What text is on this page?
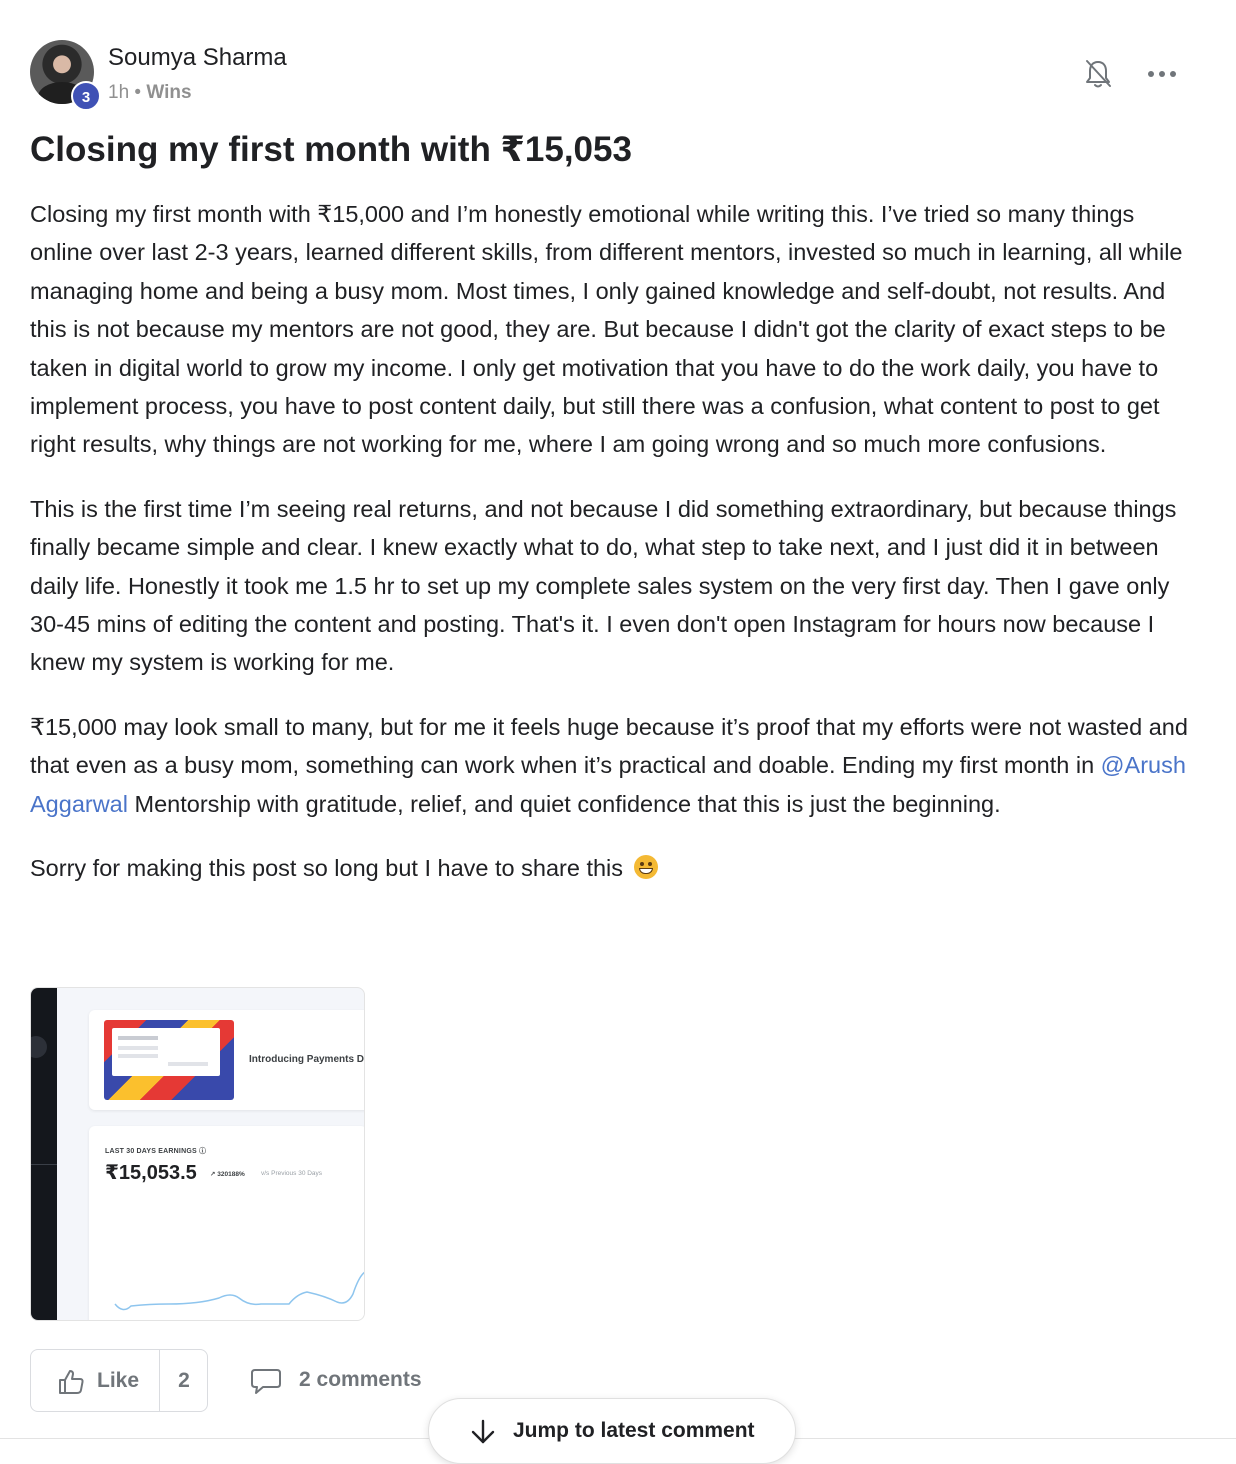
3
Soumya Sharma
1h • Wins
Closing my first month with ₹15,053

Closing my first month with ₹15,000 and I’m honestly emotional while writing this. I’ve tried so many things online over last 2-3 years, learned different skills, from different mentors, invested so much in learning, all while managing home and being a busy mom. Most times, I only gained knowledge and self-doubt, not results. And this is not because my mentors are not good, they are. But because I didn't got the clarity of exact steps to be taken in digital world to grow my income. I only get motivation that you have to do the work daily, you have to implement process, you have to post content daily, but still there was a confusion, what content to post to get right results, why things are not working for me, where I am going wrong and so much more confusions.

This is the first time I’m seeing real returns, and not because I did something extraordinary, but because things finally became simple and clear. I knew exactly what to do, what step to take next, and I just did it in between daily life. Honestly it took me 1.5 hr to set up my complete sales system on the very first day. Then I gave only 30-45 mins of editing the content and posting. That's it. I even don't open Instagram for hours now because I knew my system is working for me.

₹15,000 may look small to many, but for me it feels huge because it’s proof that my efforts were not wasted and that even as a busy mom, something can work when it’s practical and doable. Ending my first month in @Arush Aggarwal Mentorship with gratitude, relief, and quiet confidence that this is just the beginning.

Sorry for making this post so long but I have to share this

Introducing Payments D
LAST 30 DAYS EARNINGS ⓘ
₹15,053.5 ↗ 320188%	v/s Previous 30 Days
Like	2	2 comments
Jump to latest comment
